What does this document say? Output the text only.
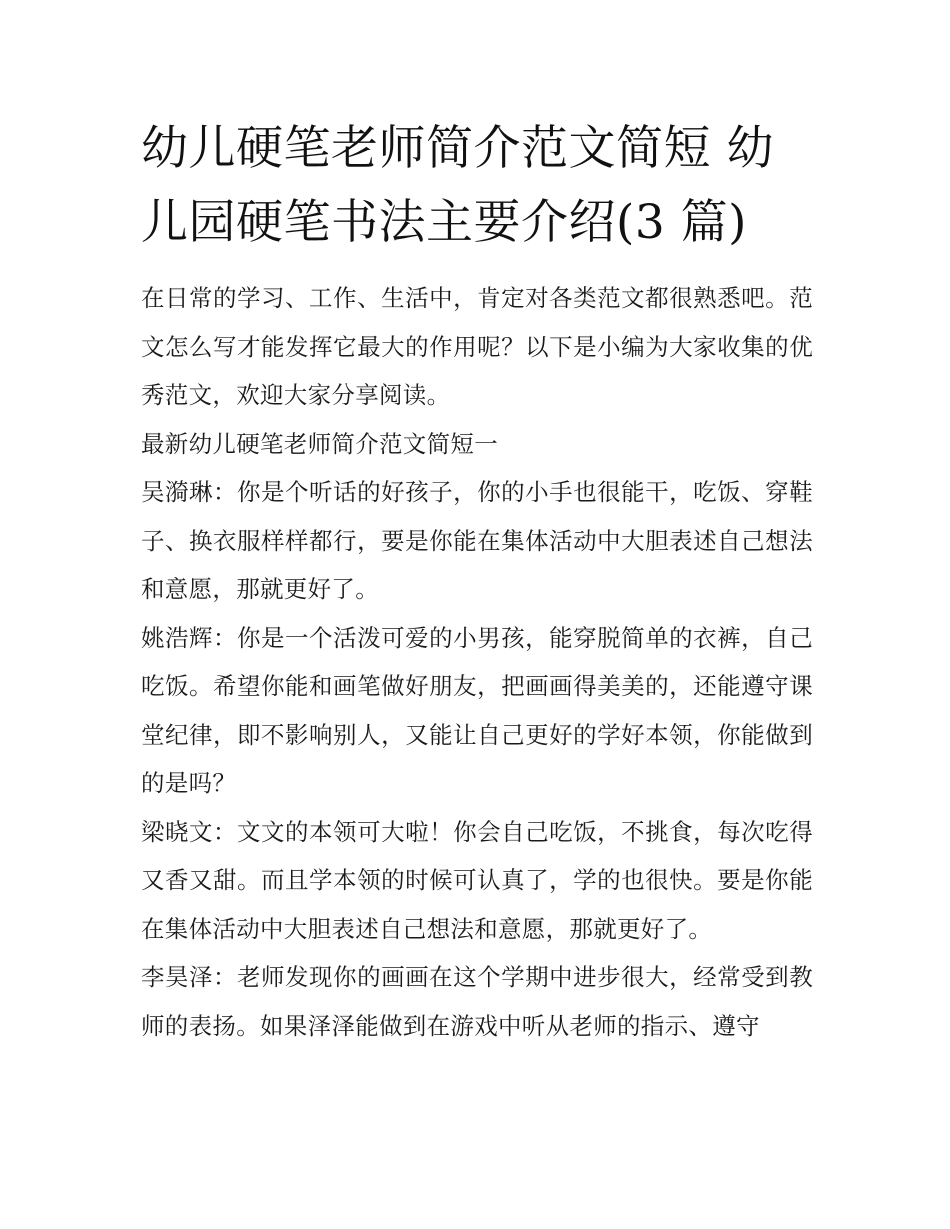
幼儿硬笔老师简介范文简短 幼儿园硬笔书法主要介绍(3 篇)

在日常的学习、工作、生活中，肯定对各类范文都很熟悉吧。范文怎么写才能发挥它最大的作用呢？以下是小编为大家收集的优秀范文，欢迎大家分享阅读。

最新幼儿硬笔老师简介范文简短一

吴漪琳：你是个听话的好孩子，你的小手也很能干，吃饭、穿鞋子、换衣服样样都行，要是你能在集体活动中大胆表述自己想法和意愿，那就更好了。

姚浩辉：你是一个活泼可爱的小男孩，能穿脱简单的衣裤，自己吃饭。希望你能和画笔做好朋友，把画画得美美的，还能遵守课堂纪律，即不影响别人，又能让自己更好的学好本领，你能做到的是吗？

梁晓文：文文的本领可大啦！你会自己吃饭，不挑食，每次吃得又香又甜。而且学本领的时候可认真了，学的也很快。要是你能在集体活动中大胆表述自己想法和意愿，那就更好了。

李昊泽：老师发现你的画画在这个学期中进步很大，经常受到教师的表扬。如果泽泽能做到在游戏中听从老师的指示、遵守
